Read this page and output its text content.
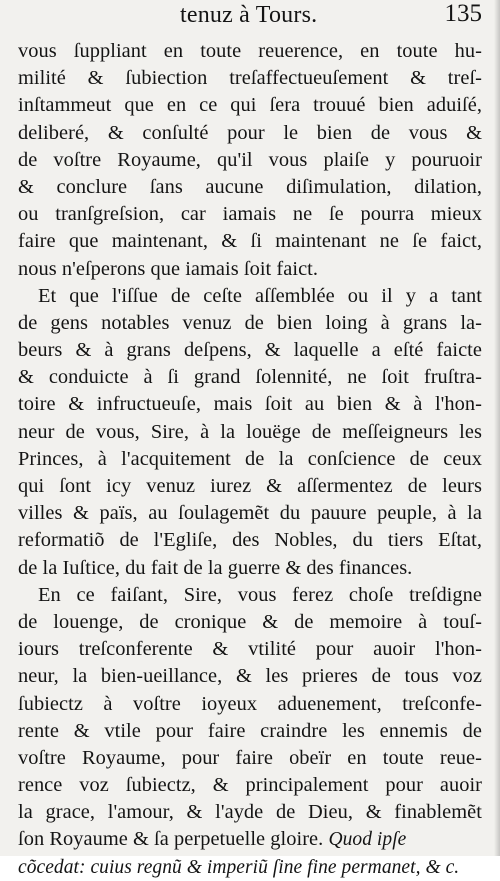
tenuz à Tours.	135
vous ſuppliant en toute reuerence, en toute hu-
milité & ſubiection treſaffectueuſement & treſ-
inſtammeut que en ce qui ſera trouué bien aduiſé,
deliberé, & conſulté pour le bien de vous &
de voſtre Royaume, qu'il vous plaiſe y pouruoir
& conclure ſans aucune diſimulation, dilation,
ou tranſgreſsion, car iamais ne ſe pourra mieux
faire que maintenant, & ſi maintenant ne ſe faict,
nous n'eſperons que iamais ſoit faict.
Et que l'iſſue de ceſte aſſemblée ou il y a tant
de gens notables venuz de bien loing à grans la-
beurs & à grans deſpens, & laquelle a eſté faicte
& conduicte à ſi grand ſolennité, ne ſoit fruſtra-
toire & infructueuſe, mais ſoit au bien & à l'hon-
neur de vous, Sire, à la louëge de meſſeigneurs les
Princes, à l'acquitement de la conſcience de ceux
qui ſont icy venuz iurez & aſſermentez de leurs
villes & païs, au ſoulagemẽt du pauure peuple, à la
reformatiõ de l'Egliſe, des Nobles, du tiers Eſtat,
de la Iuſtice, du fait de la guerre & des finances.
En ce faiſant, Sire, vous ferez choſe treſdigne
de louenge, de cronique & de memoire à touſ-
iours treſconferente & vtilité pour auoir l'hon-
neur, la bien-ueillance, & les prieres de tous voz
ſubiectz à voſtre ioyeux aduenement, treſconfe-
rente & vtile pour faire craindre les ennemis de
voſtre Royaume, pour faire obeïr en toute reue-
rence voz ſubiectz, & principalement pour auoir
la grace, l'amour, & l'ayde de Dieu, & finablemẽt
ſon Royaume & ſa perpetuelle gloire. Quod ipſe
cõcedat: cuius regnũ & imperiũ ſine fine permanet, & c.
